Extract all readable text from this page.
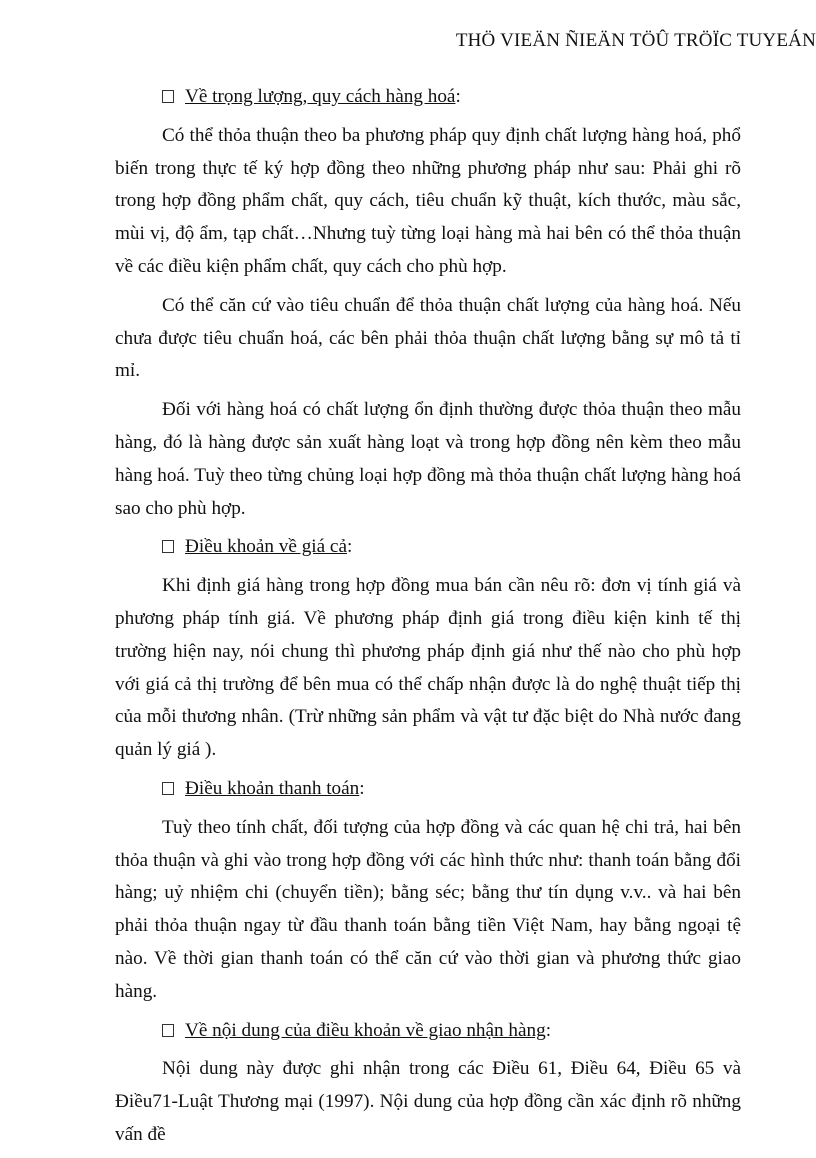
THÖ VIEÄN ÑIEÄN TÖÛ TRÖÏC TUYEÁN

Về trọng lượng, quy cách hàng hoá:

Có thể thỏa thuận theo ba phương pháp quy định chất lượng hàng hoá, phổ biến trong thực tế ký hợp đồng theo những phương pháp như sau: Phải ghi rõ trong hợp đồng phẩm chất, quy cách, tiêu chuẩn kỹ thuật, kích thước, màu sắc, mùi vị, độ ẩm, tạp chất…Nhưng tuỳ từng loại hàng mà hai bên có thể thỏa thuận về các điều kiện phẩm chất, quy cách cho phù hợp.

Có thể căn cứ vào tiêu chuẩn để thỏa thuận chất lượng của hàng hoá. Nếu chưa được tiêu chuẩn hoá, các bên phải thỏa thuận chất lượng bằng sự mô tả tỉ mỉ.

Đối với hàng hoá có chất lượng ổn định thường được thỏa thuận theo mẫu hàng, đó là hàng được sản xuất hàng loạt và trong hợp đồng nên kèm theo mẫu hàng hoá. Tuỳ theo từng chủng loại hợp đồng mà thỏa thuận chất lượng hàng hoá sao cho phù hợp.

Điều khoản về giá cả:

Khi định giá hàng trong hợp đồng mua bán cần nêu rõ: đơn vị tính giá và phương pháp tính giá. Về phương pháp định giá trong điều kiện kinh tế thị trường hiện nay, nói chung thì phương pháp định giá như thế nào cho phù hợp với giá cả thị trường để bên mua có thể chấp nhận được là do nghệ thuật tiếp thị của mỗi thương nhân. (Trừ những sản phẩm và vật tư đặc biệt do Nhà nước đang quản lý giá ).

Điều khoản thanh toán:

Tuỳ theo tính chất, đối tượng của hợp đồng và các quan hệ chi trả, hai bên thỏa thuận và ghi vào trong hợp đồng với các hình thức như: thanh toán bằng đổi hàng; uỷ nhiệm chi (chuyển tiền); bằng séc; bằng thư tín dụng v.v.. và hai bên phải thỏa thuận ngay từ đầu thanh toán bằng tiền Việt Nam, hay bằng ngoại tệ nào. Về thời gian thanh toán có thể căn cứ vào thời gian và phương thức giao hàng.

Về nội dung của điều khoản về giao nhận hàng:

Nội dung này được ghi nhận trong các Điều 61, Điều 64, Điều 65 và Điều71-Luật Thương mại (1997). Nội dung của hợp đồng cần xác định rõ những vấn đề
